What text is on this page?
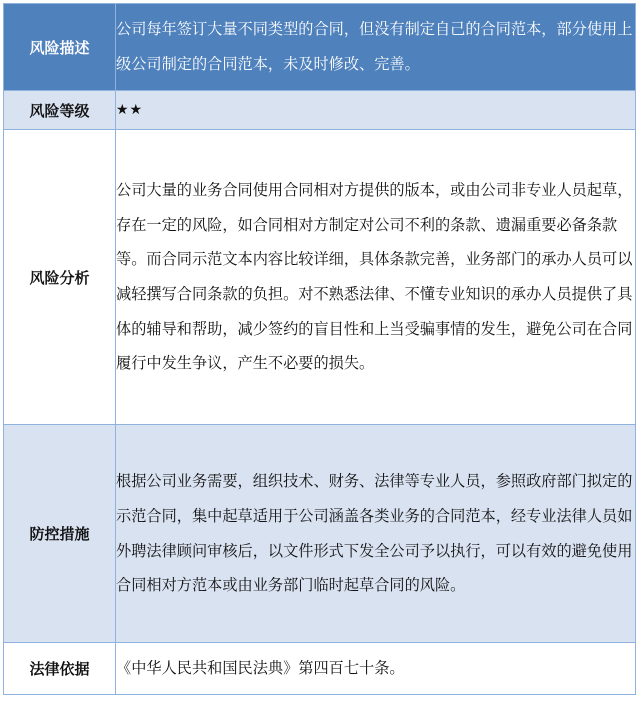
风险描述	公司每年签订大量不同类型的合同，但没有制定自己的合同范本，部分使用上级公司制定的合同范本，未及时修改、完善。
风险等级	★★
风险分析	公司大量的业务合同使用合同相对方提供的版本，或由公司非专业人员起草，存在一定的风险，如合同相对方制定对公司不利的条款、遗漏重要必备条款等。而合同示范文本内容比较详细，具体条款完善，业务部门的承办人员可以减轻撰写合同条款的负担。对不熟悉法律、不懂专业知识的承办人员提供了具体的辅导和帮助，减少签约的盲目性和上当受骗事情的发生，避免公司在合同履行中发生争议，产生不必要的损失。
防控措施	根据公司业务需要，组织技术、财务、法律等专业人员，参照政府部门拟定的示范合同，集中起草适用于公司涵盖各类业务的合同范本，经专业法律人员如外聘法律顾问审核后，以文件形式下发全公司予以执行，可以有效的避免使用合同相对方范本或由业务部门临时起草合同的风险。
法律依据	《中华人民共和国民法典》第四百七十条。
